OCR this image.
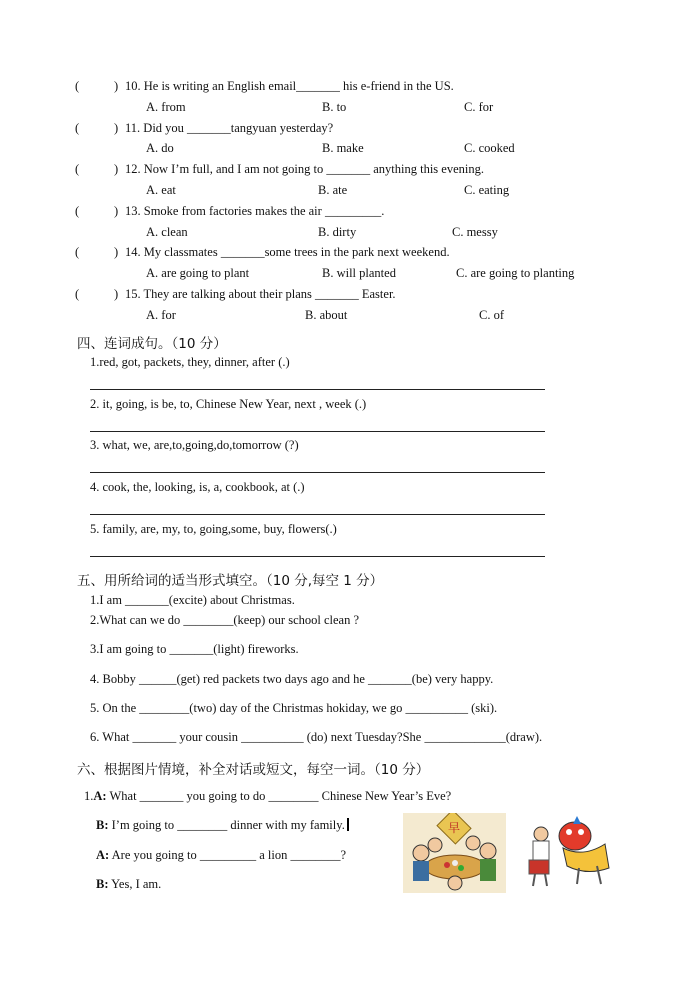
(	) 10. He is writing an English email_______ his e-friend in the US.
A. from	B. to	C. for
(	) 11. Did you _______tangyuan yesterday?
A. do	B. make	C. cooked
(	) 12. Now I’m full, and I am not going to _______ anything this evening.
A. eat	B. ate	C. eating
(	) 13. Smoke from factories makes the air _________.
A. clean	B. dirty	C. messy
(	) 14. My classmates _______some trees in the park next weekend.
A. are going to plant	B. will planted	C. are going to planting
(	) 15. They are talking about their plans _______ Easter.
A. for	B. about	C. of
四、连词成句。（10 分）
1.red, got, packets, they, dinner, after (.)
2. it, going, is be, to, Chinese New Year, next , week (.)
3. what, we, are,to,going,do,tomorrow (?)
4. cook, the, looking, is, a, cookbook, at (.)
5. family, are, my, to, going,some, buy, flowers(.)
五、用所给词的适当形式填空。（10 分,每空 1 分）
1.I am _______(excite) about Christmas.
2.What can we do ________(keep) our school clean ?
3.I am going to _______(light) fireworks.
4. Bobby ______(get) red packets two days ago and he _______(be) very happy.
5. On the ________(two) day of the Christmas hokiday, we go __________ (ski).
6. What _______ your cousin __________ (do) next Tuesday?She _____________(draw).
六、根据图片情境，补全对话或短文，每空一词。（10 分）
1.A: What _______ you going to do ________ Chinese New Year’s Eve?
B: I’m going to ________ dinner with my family.
A: Are you going to _________ a lion ________?
B: Yes, I am.
早
